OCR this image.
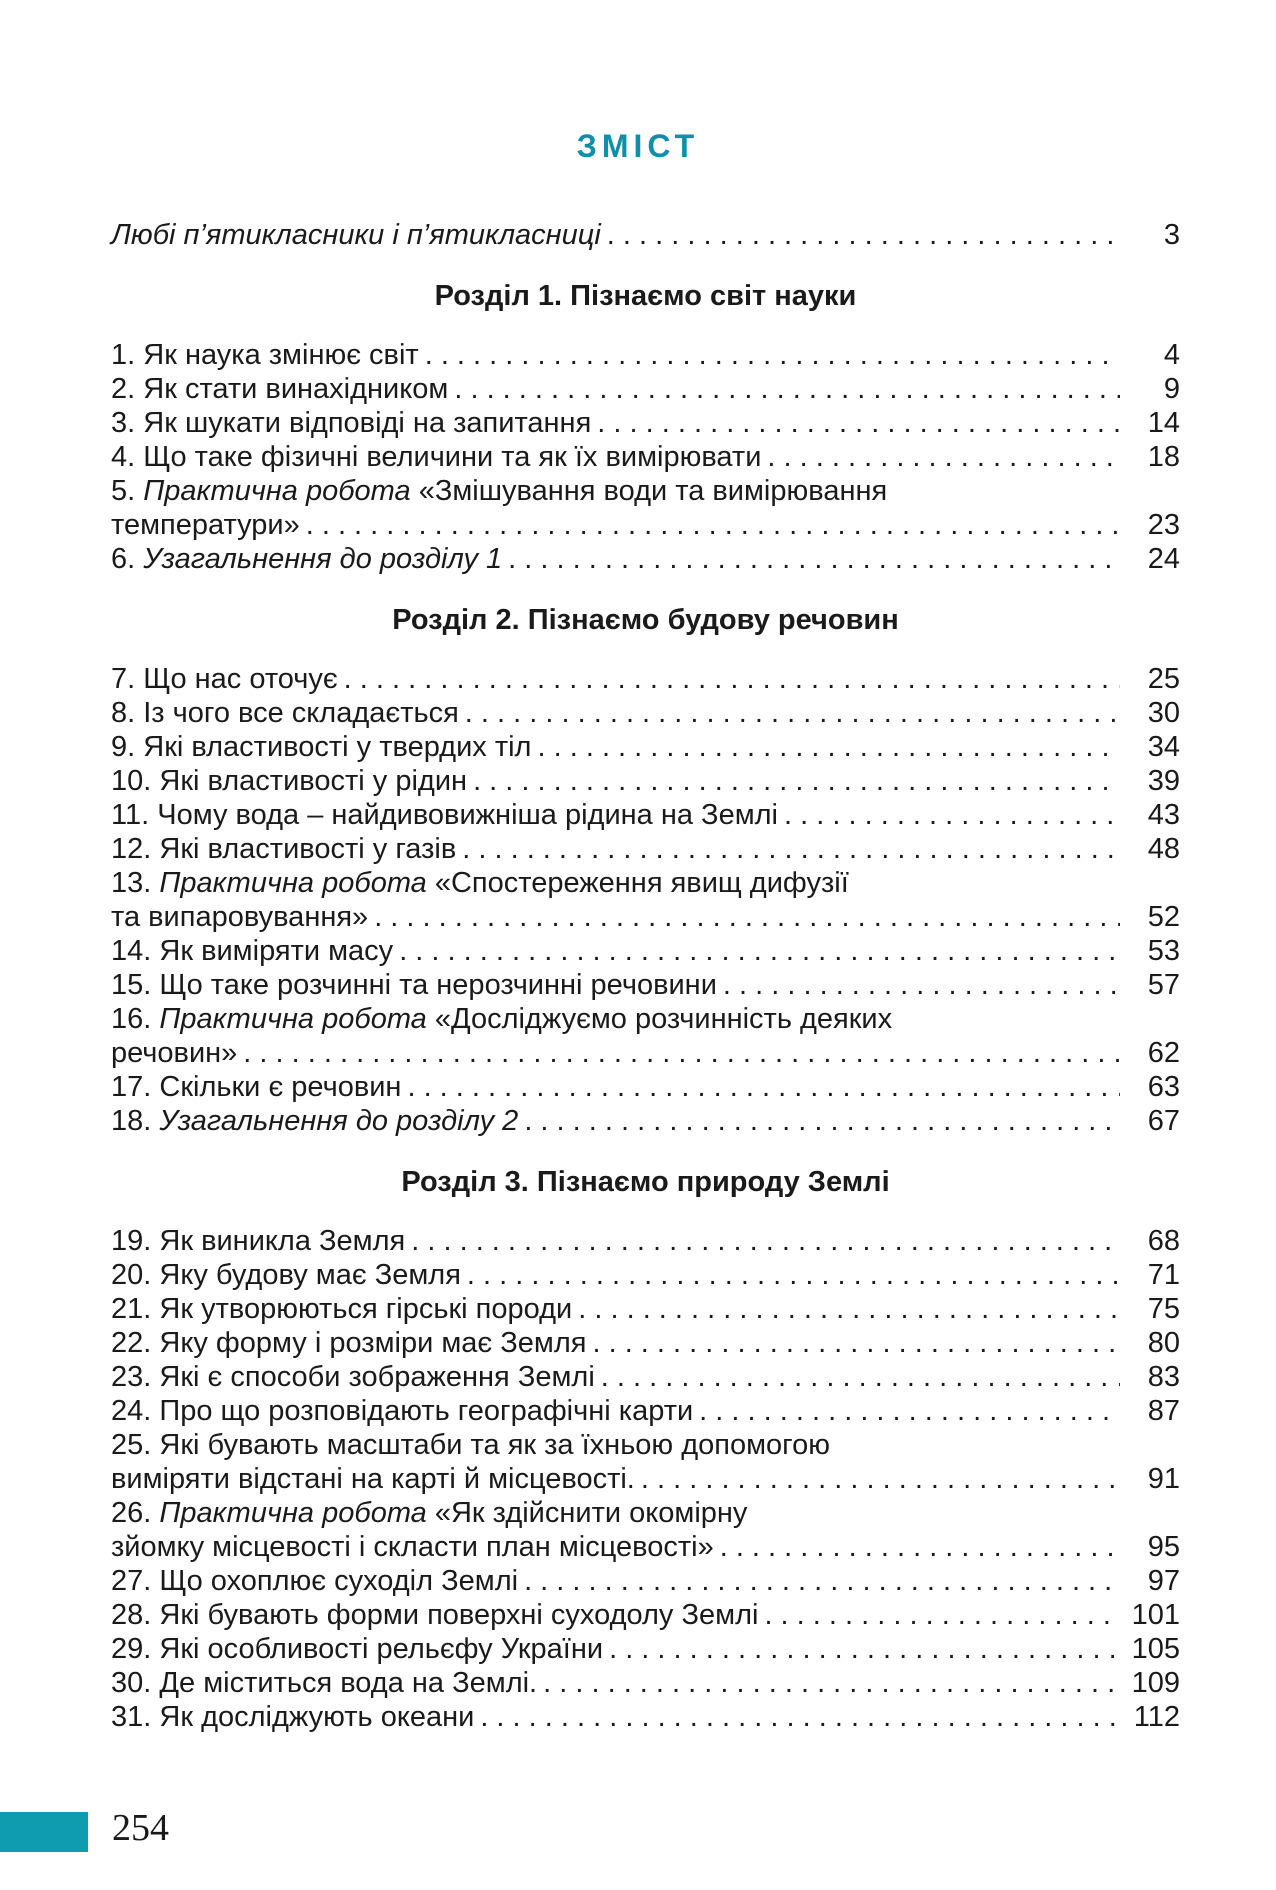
ЗМІСТ
Любі п’ятикласники і п’ятикласниці . . .	3
Розділ 1. Пізнаємо світ науки
1. Як наука змінює світ . . .	4
2. Як стати винахідником . . .	9
3. Як шукати відповіді на запитання . . .	14
4. Що таке фізичні величини та як їх вимірювати . . .	18
5. Практична робота «Змішування води та вимірювання
температури» . . .	23
6. Узагальнення до розділу 1 . . .	24
Розділ 2. Пізнаємо будову речовин
7. Що нас оточує . . .	25
8. Із чого все складається . . .	30
9. Які властивості у твердих тіл . . .	34
10. Які властивості у рідин . . .	39
11. Чому вода – найдивовижніша рідина на Землі . . .	43
12. Які властивості у газів . . .	48
13. Практична робота «Спостереження явищ дифузії
та випаровування» . . .	52
14. Як виміряти масу . . .	53
15. Що таке розчинні та нерозчинні речовини . . .	57
16. Практична робота «Досліджуємо розчинність деяких
речовин» . . .	62
17. Скільки є речовин . . .	63
18. Узагальнення до розділу 2 . . .	67
Розділ 3. Пізнаємо природу Землі
19. Як виникла Земля . . .	68
20. Яку будову має Земля . . .	71
21. Як утворюються гірські породи . . .	75
22. Яку форму і розміри має Земля . . .	80
23. Які є способи зображення Землі . . .	83
24. Про що розповідають географічні карти . . .	87
25. Які бувають масштаби та як за їхньою допомогою
виміряти відстані на карті й місцевості. . . .	91
26. Практична робота «Як здійснити окомірну
зйомку місцевості і скласти план місцевості» . . .	95
27. Що охоплює суходіл Землі . . .	97
28. Які бувають форми поверхні суходолу Землі . . .	101
29. Які особливості рельєфу України . . .	105
30. Де міститься вода на Землі. . . .	109
31. Як досліджують океани . . .	112
254
